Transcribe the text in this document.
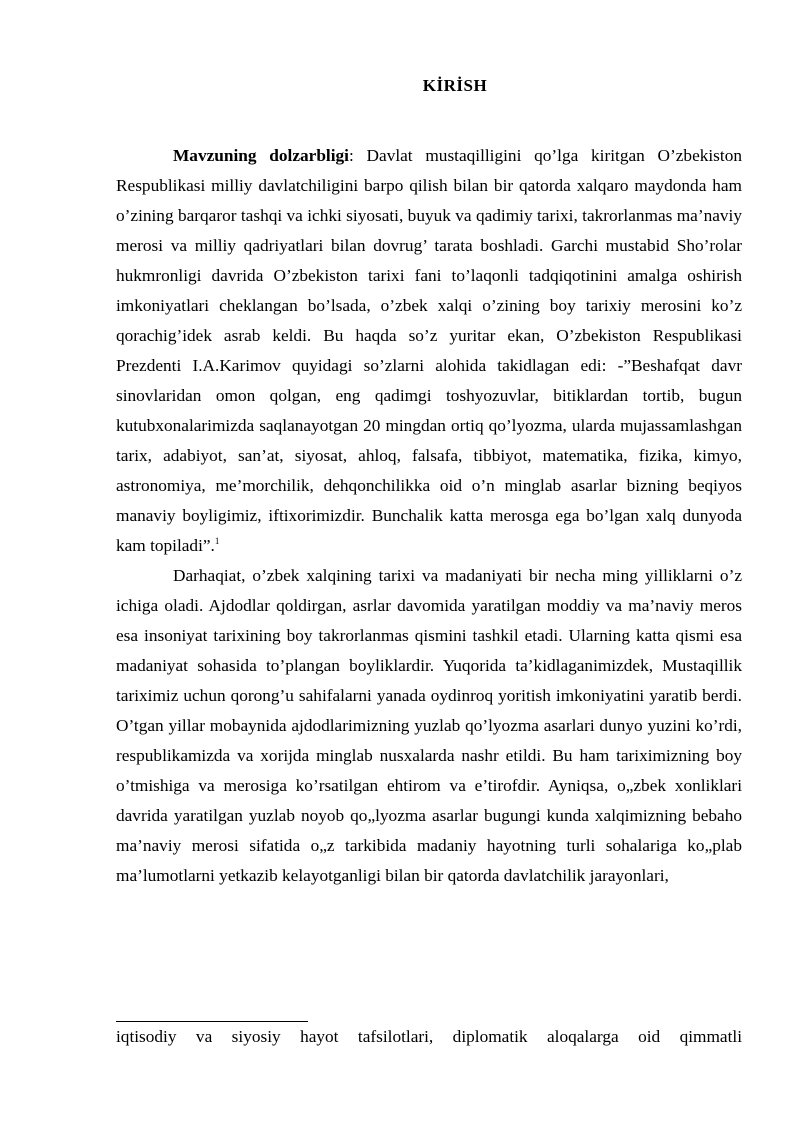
KİRİSH

Mavzuning dolzarbligi: Davlat mustaqilligini qo’lga kiritgan O’zbekiston Respublikasi milliy davlatchiligini barpo qilish bilan bir qatorda xalqaro maydonda ham o’zining barqaror tashqi va ichki siyosati, buyuk va qadimiy tarixi, takrorlanmas ma’naviy merosi va milliy qadriyatlari bilan dovrug’ tarata boshladi. Garchi mustabid Sho’rolar hukmronligi davrida O’zbekiston tarixi fani to’laqonli tadqiqotinini amalga oshirish imkoniyatlari cheklangan bo’lsada, o’zbek xalqi o’zining boy tarixiy merosini ko’z qorachig’idek asrab keldi. Bu haqda so’z yuritar ekan, O’zbekiston Respublikasi Prezdenti I.A.Karimov quyidagi so’zlarni alohida takidlagan edi: -”Beshafqat davr sinovlaridan omon qolgan, eng qadimgi toshyozuvlar, bitiklardan tortib, bugun kutubxonalarimizda saqlanayotgan 20 mingdan ortiq qo’lyozma, ularda mujassamlashgan tarix, adabiyot, san’at, siyosat, ahloq, falsafa, tibbiyot, matematika, fizika, kimyo, astronomiya, me’morchilik, dehqonchilikka oid o’n minglab asarlar bizning beqiyos manaviy boyligimiz, iftixorimizdir. Bunchalik katta merosga ega bo’lgan xalq dunyoda kam topiladi”.$^1$

Darhaqiat, o’zbek xalqining tarixi va madaniyati bir necha ming yilliklarni o’z ichiga oladi. Ajdodlar qoldirgan, asrlar davomida yaratilgan moddiy va ma’naviy meros esa insoniyat tarixining boy takrorlanmas qismini tashkil etadi. Ularning katta qismi esa madaniyat sohasida to’plangan boyliklardir. Yuqorida ta’kidlaganimizdek, Mustaqillik tariximiz uchun qorong’u sahifalarni yanada oydinroq yoritish imkoniyatini yaratib berdi. O’tgan yillar mobaynida ajdodlarimizning yuzlab qo’lyozma asarlari dunyo yuzini ko’rdi, respublikamizda va xorijda minglab nusxalarda nashr etildi. Bu ham tariximizning boy o’tmishiga va merosiga ko’rsatilgan ehtirom va e’tirofdir. Ayniqsa, o„zbek xonliklari davrida yaratilgan yuzlab noyob qo„lyozma asarlar bugungi kunda xalqimizning bebaho ma’naviy merosi sifatida o„z tarkibida madaniy hayotning turli sohalariga ko„plab ma’lumotlarni yetkazib kelayotganligi bilan bir qatorda davlatchilik jarayonlari,

iqtisodiy va siyosiy hayot tafsilotlari, diplomatik aloqalarga oid qimmatli
